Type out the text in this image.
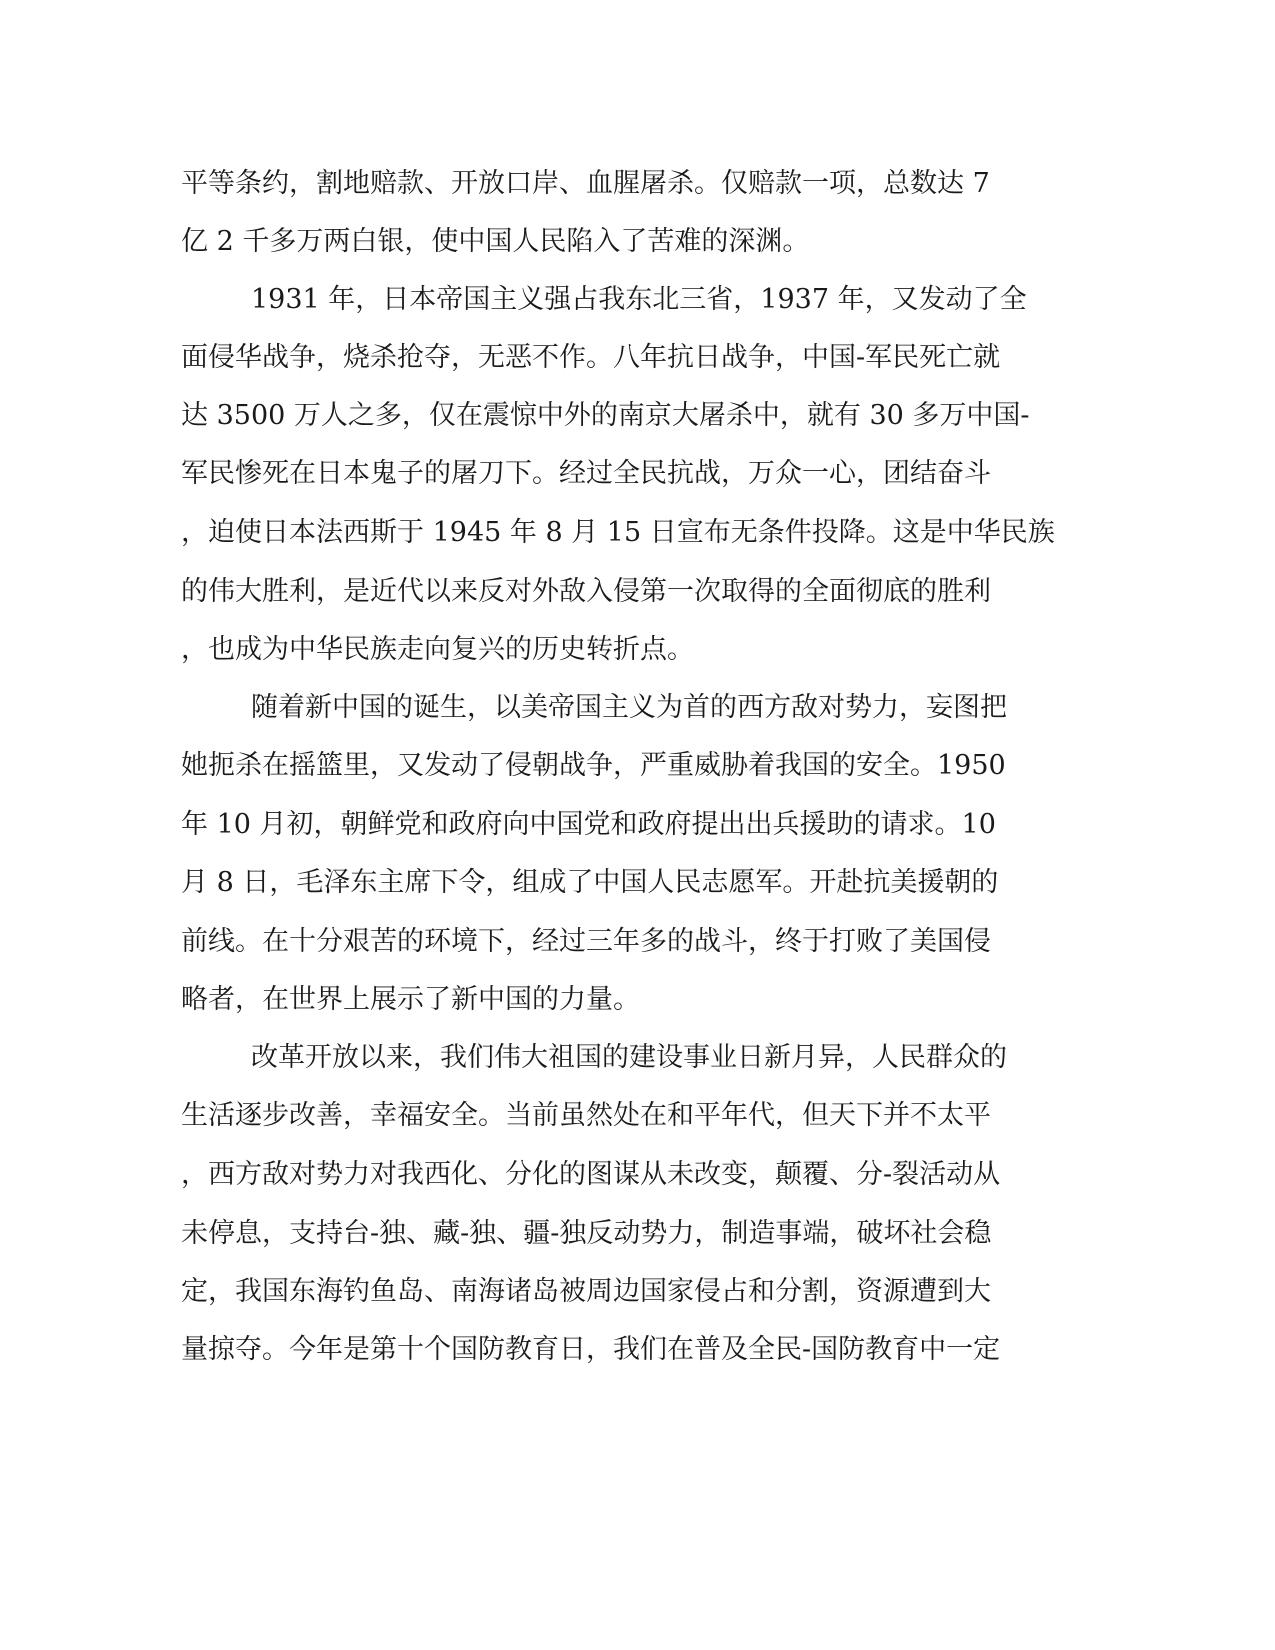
平等条约，割地赔款、开放口岸、血腥屠杀。仅赔款一项，总数达 7

亿 2 千多万两白银，使中国人民陷入了苦难的深渊。

1931 年，日本帝国主义强占我东北三省，1937 年，又发动了全

面侵华战争，烧杀抢夺，无恶不作。八年抗日战争，中国-军民死亡就

达 3500 万人之多，仅在震惊中外的南京大屠杀中，就有 30 多万中国-

军民惨死在日本鬼子的屠刀下。经过全民抗战，万众一心，团结奋斗

，迫使日本法西斯于 1945 年 8 月 15 日宣布无条件投降。这是中华民族

的伟大胜利，是近代以来反对外敌入侵第一次取得的全面彻底的胜利

，也成为中华民族走向复兴的历史转折点。

随着新中国的诞生，以美帝国主义为首的西方敌对势力，妄图把

她扼杀在摇篮里，又发动了侵朝战争，严重威胁着我国的安全。1950

年 10 月初，朝鲜党和政府向中国党和政府提出出兵援助的请求。10

月 8 日，毛泽东主席下令，组成了中国人民志愿军。开赴抗美援朝的

前线。在十分艰苦的环境下，经过三年多的战斗，终于打败了美国侵

略者，在世界上展示了新中国的力量。

改革开放以来，我们伟大祖国的建设事业日新月异，人民群众的

生活逐步改善，幸福安全。当前虽然处在和平年代，但天下并不太平

，西方敌对势力对我西化、分化的图谋从未改变，颠覆、分-裂活动从

未停息，支持台-独、藏-独、疆-独反动势力，制造事端，破坏社会稳

定，我国东海钓鱼岛、南海诸岛被周边国家侵占和分割，资源遭到大

量掠夺。今年是第十个国防教育日，我们在普及全民-国防教育中一定
